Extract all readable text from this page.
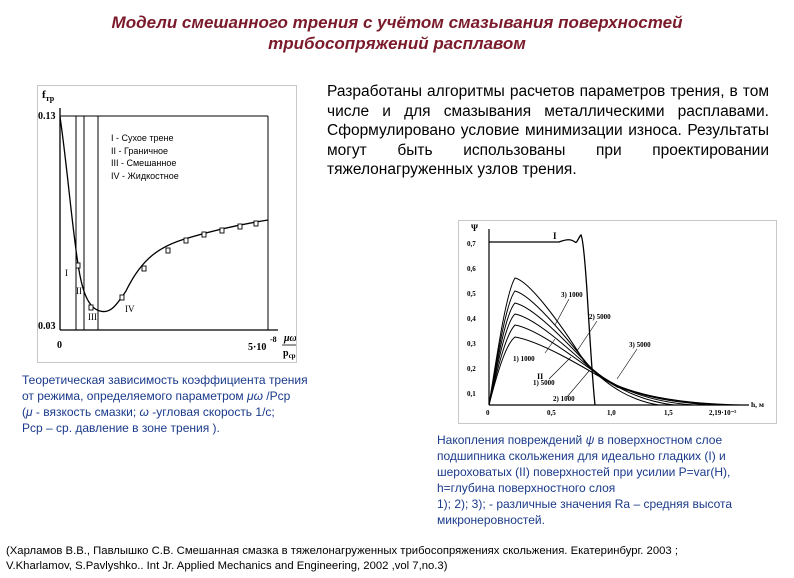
Модели смешанного трения с учётом смазывания поверхностей
трибосопряжений расплавом
$f_{тр}$
0.13
0.03
0	5·10
-8 μω
$p_{ср}$
I - Сухое трене
II - Граничное
III - Смешанное
IV - Жидкостное
I
II
III
IV
Разработаны алгоритмы расчетов параметров трения, в том числе и для смазывания металлическими расплавами. Сформулировано условие минимизации износа. Результаты могут быть использованы при проектировании тяжелонагруженных узлов трения.
Теоретическая зависимость коэффициента трения
от режима, определяемого параметром μω /Pcp
(μ - вязкость смазки; ω -угловая скорость 1/с;
Pcp – ср. давление в зоне трения ).
Ψ
0,7
0,6
0,5
0,4
0,3
0,2
0,1
0	0,5	1,0	1,5	2,19·10⁻⁵
h, м
I
II
3) 1000
2) 5000
3) 5000
1) 1000
1) 5000
2) 1000
Накопления повреждений ψ в поверхностном слое
подшипника скольжения для идеально гладких (I) и
шероховатых (II) поверхностей при усилии P=var(H),
h=глубина поверхностного слоя
1); 2); 3); - различные значения Ra – средняя высота
микронеровностей.
(Харламов В.В., Павлышко С.В. Смешанная смазка в тяжелонагруженных трибосопряжениях скольжения. Екатеринбург. 2003 ;
V.Kharlamov, S.Pavlyshko.. Int Jr. Applied Mechanics and Engineering, 2002 ,vol 7,no.3)
